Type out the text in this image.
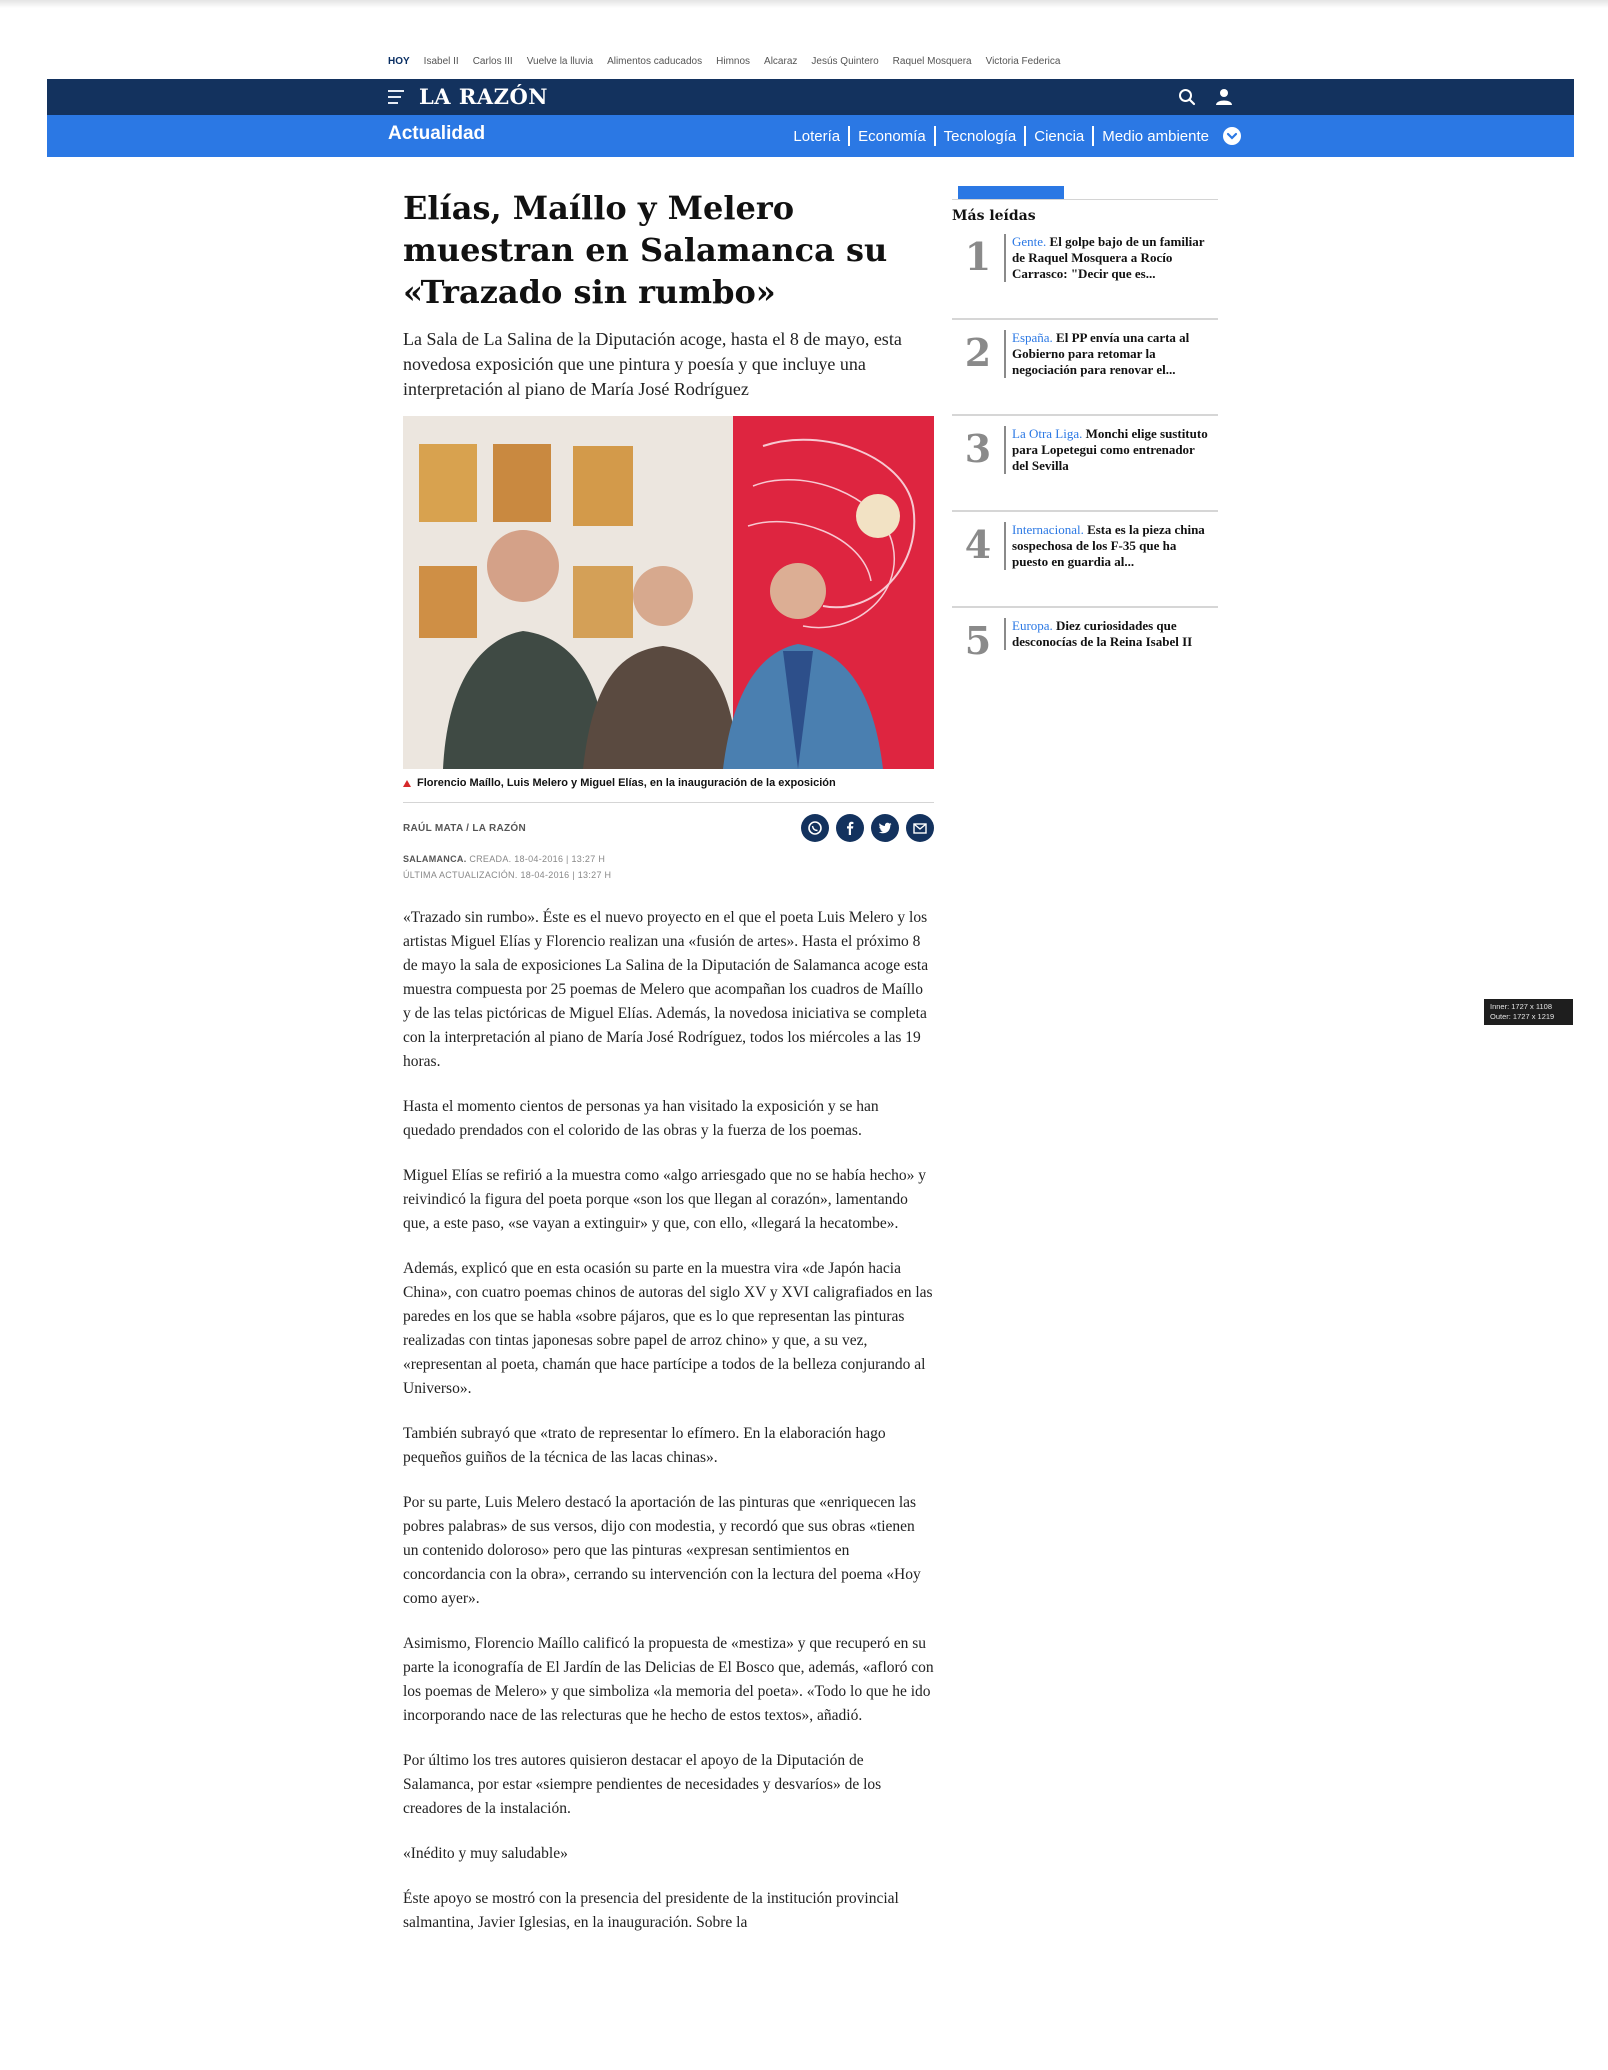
HOY Isabel II Carlos III Vuelve la lluvia Alimentos caducados Himnos Alcaraz Jesús Quintero Raquel Mosquera Victoria Federica
LA RAZÓN
Actualidad	Lotería Economía Tecnología Ciencia Medio ambiente
Elías, Maíllo y Melero muestran en Salamanca su «Trazado sin rumbo»

La Sala de La Salina de la Diputación acoge, hasta el 8 de mayo, esta novedosa exposición que une pintura y poesía y que incluye una interpretación al piano de María José Rodríguez

Florencio Maíllo, Luis Melero y Miguel Elías, en la inauguración de la exposición
RAÚL MATA / LA RAZÓN
SALAMANCA. CREADA. 18-04-2016 | 13:27 H
ÚLTIMA ACTUALIZACIÓN. 18-04-2016 | 13:27 H

«Trazado sin rumbo». Éste es el nuevo proyecto en el que el poeta Luis Melero y los artistas Miguel Elías y Florencio realizan una «fusión de artes». Hasta el próximo 8 de mayo la sala de exposiciones La Salina de la Diputación de Salamanca acoge esta muestra compuesta por 25 poemas de Melero que acompañan los cuadros de Maíllo y de las telas pictóricas de Miguel Elías. Además, la novedosa iniciativa se completa con la interpretación al piano de María José Rodríguez, todos los miércoles a las 19 horas.

Hasta el momento cientos de personas ya han visitado la exposición y se han quedado prendados con el colorido de las obras y la fuerza de los poemas.

Miguel Elías se refirió a la muestra como «algo arriesgado que no se había hecho» y reivindicó la figura del poeta porque «son los que llegan al corazón», lamentando que, a este paso, «se vayan a extinguir» y que, con ello, «llegará la hecatombe».

Además, explicó que en esta ocasión su parte en la muestra vira «de Japón hacia China», con cuatro poemas chinos de autoras del siglo XV y XVI caligrafiados en las paredes en los que se habla «sobre pájaros, que es lo que representan las pinturas realizadas con tintas japonesas sobre papel de arroz chino» y que, a su vez, «representan al poeta, chamán que hace partícipe a todos de la belleza conjurando al Universo».

También subrayó que «trato de representar lo efímero. En la elaboración hago pequeños guiños de la técnica de las lacas chinas».

Por su parte, Luis Melero destacó la aportación de las pinturas que «enriquecen las pobres palabras» de sus versos, dijo con modestia, y recordó que sus obras «tienen un contenido doloroso» pero que las pinturas «expresan sentimientos en concordancia con la obra», cerrando su intervención con la lectura del poema «Hoy como ayer».

Asimismo, Florencio Maíllo calificó la propuesta de «mestiza» y que recuperó en su parte la iconografía de El Jardín de las Delicias de El Bosco que, además, «afloró con los poemas de Melero» y que simboliza «la memoria del poeta». «Todo lo que he ido incorporando nace de las relecturas que he hecho de estos textos», añadió.

Por último los tres autores quisieron destacar el apoyo de la Diputación de Salamanca, por estar «siempre pendientes de necesidades y desvaríos» de los creadores de la instalación.

«Inédito y muy saludable»

Éste apoyo se mostró con la presencia del presidente de la institución provincial salmantina, Javier Iglesias, en la inauguración. Sobre la

Más leídas
1	Gente. El golpe bajo de un familiar de Raquel Mosquera a Rocío Carrasco: "Decir que es...
2	España. El PP envía una carta al Gobierno para retomar la negociación para renovar el...
3	La Otra Liga. Monchi elige sustituto para Lopetegui como entrenador del Sevilla
4	Internacional. Esta es la pieza china sospechosa de los F-35 que ha puesto en guardia al...
5	Europa. Diez curiosidades que desconocías de la Reina Isabel II
Inner: 1727 x 1108
Outer: 1727 x 1219
